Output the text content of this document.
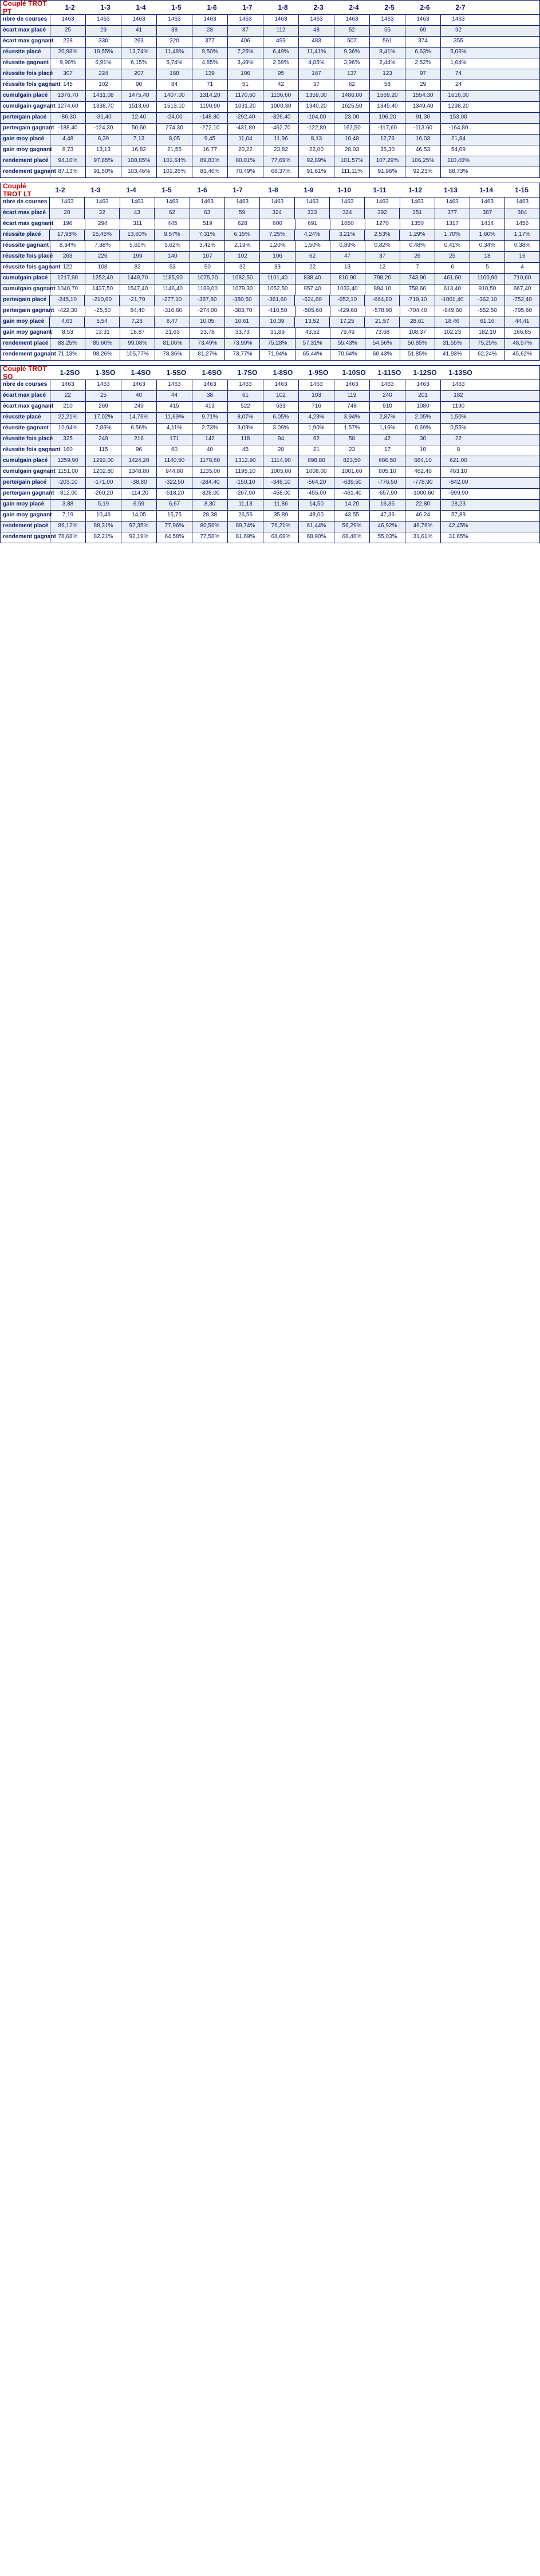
Couplé TROT PT	1-2	1-3	1-4	1-5	1-6	1-7	1-8	2-3	2-4	2-5	2-6	2-7
nbre de courses	1463	1463	1463	1463	1463	1463	1463	1463	1463	1463	1463	1463
écart max placé	25	29	41	38	28	87	112	48	52	55	69	92
écart max gagnant	228	330	263	320	377	406	493	483	507	561	374	355
réussite placé	20,98%	19,55%	13,74%	11,48%	9,50%	7,25%	6,49%	11,41%	9,36%	8,41%	6,63%	5,06%
réussite gagnant	9,90%	6,91%	6,15%	5,74%	4,85%	3,49%	2,69%	4,85%	3,96%	2,44%	2,52%	1,64%
réussite fois placé	307	224	207	168	139	106	95	167	137	123	97	74
réussite fois gagnant 145	102	90	84	71	51	42	37	62	58	29	24
cumulgain placé	1376,70	1431,08	1475,40	1407,00	1314,20	1170,60	1136,60	1359,00	1486,00	1569,20	1554,30	1616,00
cumulgain gagnant 1274,60	1338,70	1513,60	1513,10	1190,90	1031,20	1000,30	1340,20	1625,50	1345,40	1349,40	1298,20
perte/gain placé	-86,30	-31,40	12,40	-24,00	-148,80	-292,40	-326,40	-104,00	23,00	106,20	91,30	153,00
perte/gain gagnant -188,40	-124,30	50,60	274,30	-272,10	-431,80	-462,70	-122,80	162,50	-117,60	-113,60	-164,80
gain moy placé	4,48	6,39	7,13	8,05	9,45	11,04	11,96	8,13	10,48	12,76	16,03	21,84
gain moy gagnant	8,73	13,13	16,82	21,55	16,77	20,22	23,82	22,00	28,03	35,30	46,53	54,09
rendement placé	94,10%	97,85%	100,85%	101,64%	89,83%	80,01%	77,69%	92,89%	101,57%	107,29%	106,25%	110,46%
rendement gagnant 87,13%	91,50%	103,46%	101,26%	81,40%	70,49%	68,37%	91,61%	111,11%	91,96%	92,23%	88,73%
Couplé TROT LT	1-2	1-3	1-4	1-5	1-6	1-7	1-8	1-9	1-10	1-11	1-12	1-13	1-14	1-15
nbre de courses	1463	1463	1463	1463	1463	1463	1463	1463	1463	1463	1463	1463	1463	1463
écart max placé	20	32	43	62	63	59	324	333	324	392	351	377	387	384
écart max gagnant	196	294	311	445	519	628	600	691	1050	1270	1350	1317	1434	1456
réussite placé	17,98%	15,45%	13,60%	9,57%	7,31%	6,15%	7,25%	4,24%	3,21%	2,53%	1,29%	1,70%	1,60%	1,17%
réussite gagnant	8,34%	7,38%	5,61%	3,62%	3,42%	2,19%	1,20%	1,50%	0,89%	0,82%	0,48%	0,41%	0,34%	0,38%
réussite fois placé	263	226	199	140	107	102	106	62	47	37	26	25	18	16
réussite fois gagnant 122	108	82	53	50	32	33	22	13	12	7	6	5	4
cumulgain placé	1217,90	1252,40	1449,70	1185,90	1075,20	1082,50	1101,40	838,40	810,90	798,20	743,90	461,60	1100,90	710,60
cumulgain gagnant 1040,70	1437,50	1547,40	1146,40	1189,00	1079,30	1052,50	957,40	1033,40	884,10	758,60	613,40	910,50	667,40
perte/gain placé	-245,10	-210,60	-21,70	-277,10	-387,80	-380,50	-361,60	-624,60	-652,10	-664,80	-719,10	-1001,40	-362,10	-752,40
perte/gain gagnant -422,30	-25,50	84,40	-316,60	-274,00	-383,70	-410,50	-505,60	-429,60	-578,90	-704,40	-849,60	-552,50	-795,60
gain moy placé	4,63	5,54	7,28	8,47	10,05	10,61	10,39	13,52	17,25	21,57	28,61	18,46	61,16	44,41
gain moy gagnant	8,53	13,31	18,87	21,63	23,78	33,73	31,89	43,52	79,49	73,68	108,37	102,23	182,10	166,85
rendement placé	83,25%	85,60%	99,08%	81,06%	73,49%	73,99%	75,28%	57,31%	55,43%	54,56%	50,85%	31,55%	75,25%	48,57%
rendement gagnant 71,13%	98,26%	105,77%	78,36%	81,27%	73,77%	71,94%	65,44%	70,64%	60,43%	51,85%	41,93%	62,24%	45,62%
Couplé TROT SO	1-2SO	1-3SO	1-4SO	1-5SO	1-6SO	1-7SO	1-8SO	1-9SO	1-10SO	1-11SO	1-12SO	1-13SO
nbre de courses	1463	1463	1463	1463	1463	1463	1463	1463	1463	1463	1463	1463
écart max placé	22	25	40	44	38	61	102	103	119	240	201	182
écart max gagnant	210	269	249	415	413	522	533	716	748	910	1080	1190
réussite placé	22,21%	17,02%	14,76%	11,69%	9,71%	8,07%	6,05%	4,23%	3,94%	2,87%	2,05%	1,50%
réussite gagnant	10,94%	7,86%	6,56%	4,11%	2,73%	3,09%	3,09%	1,90%	1,57%	1,16%	0,69%	0,55%
réussite fois placé	325	249	216	171	142	118	94	62	58	42	30	22
réussite fois gagnant 160	115	96	60	40	45	28	21	23	17	10	8
cumulgain placé	1259,90	1292,00	1424,20	1140,50	1178,60	1312,90	1114,90	898,80	823,50	686,50	684,10	621,00
cumulgain gagnant 1151,00	1202,80	1348,80	944,80	1135,00	1195,10	1005,00	1008,00	1001,60	805,10	462,40	463,10
perte/gain placé	-203,10	-171,00	-38,80	-322,50	-284,40	-150,10	-348,10	-564,20	-639,50	-776,50	-778,90	-842,00
perte/gain gagnant -312,00	-260,20	-114,20	-518,20	-328,00	-267,90	-458,00	-455,00	-461,40	-657,90	-1000,60	-999,90
gain moy placé	3,88	5,19	6,59	6,67	8,30	11,13	11,86	14,50	14,20	16,35	22,80	28,23
gain moy gagnant	7,19	10,46	14,05	15,75	28,38	26,56	35,89	48,00	43,55	47,36	46,24	57,89
rendement placé	86,12%	88,31%	97,35%	77,96%	80,56%	89,74%	76,21%	61,44%	56,29%	46,92%	46,76%	42,45%
rendement gagnant 78,68%	82,21%	92,19%	64,58%	77,58%	81,69%	68,69%	68,90%	68,46%	55,03%	31,61%	31,65%
